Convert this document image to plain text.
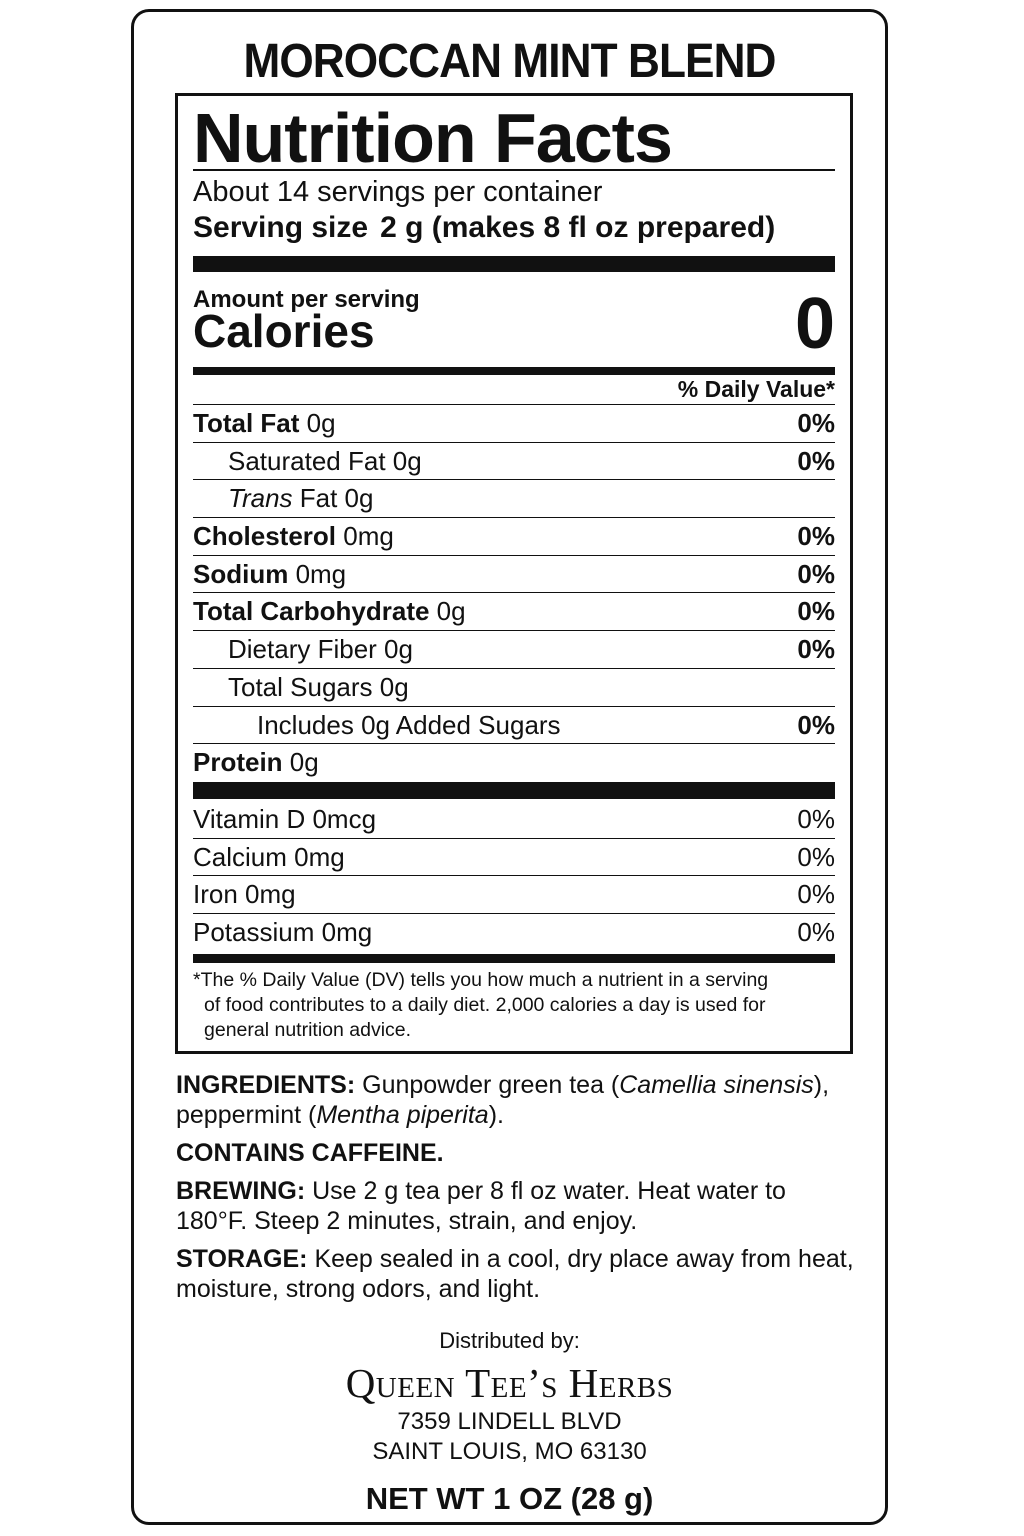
MOROCCAN MINT BLEND
Nutrition Facts
About 14 servings per container
Serving size 2 g (makes 8 fl oz prepared)
Amount per serving
Calories	0
% Daily Value*
Total Fat 0g	0%
Saturated Fat 0g	0%
Trans Fat 0g
Cholesterol 0mg	0%
Sodium 0mg	0%
Total Carbohydrate 0g	0%
Dietary Fiber 0g	0%
Total Sugars 0g
Includes 0g Added Sugars	0%
Protein 0g
Vitamin D 0mcg	0%
Calcium 0mg	0%
Iron 0mg	0%
Potassium 0mg	0%
*The % Daily Value (DV) tells you how much a nutrient in a serving
of food contributes to a daily diet. 2,000 calories a day is used for
general nutrition advice.

INGREDIENTS: Gunpowder green tea (Camellia sinensis), peppermint (Mentha piperita).

CONTAINS CAFFEINE.

BREWING: Use 2 g tea per 8 fl oz water. Heat water to 180°F. Steep 2 minutes, strain, and enjoy.

STORAGE: Keep sealed in a cool, dry place away from heat, moisture, strong odors, and light.

Distributed by:
Queen Tee’s Herbs
7359 LINDELL BLVD
SAINT LOUIS, MO 63130
NET WT 1 OZ (28 g)
